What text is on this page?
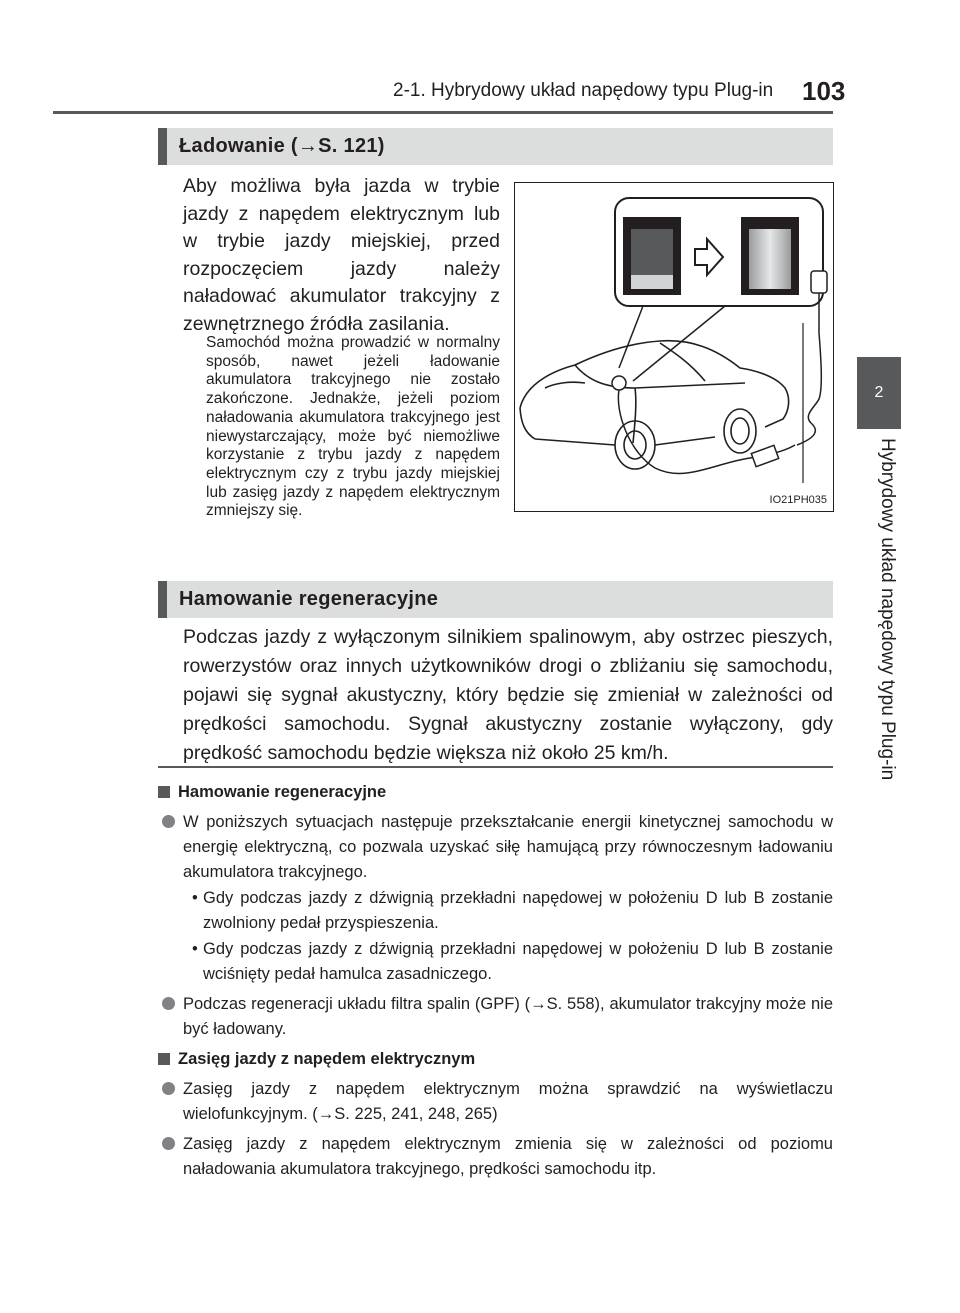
2-1. Hybrydowy układ napędowy typu Plug-in 103
2
Hybrydowy układ napędowy typu Plug-in
Ładowanie (→S. 121)
Aby możliwa była jazda w trybie jazdy z napędem elektrycznym lub w trybie jazdy miejskiej, przed rozpoczęciem jazdy należy naładować akumulator trakcyjny z zewnętrznego źródła zasilania.
Samochód można prowadzić w normalny sposób, nawet jeżeli ładowanie akumulatora trakcyjnego nie zostało zakończone. Jednakże, jeżeli poziom naładowania akumulatora trakcyjnego jest niewystarczający, może być niemożliwe korzystanie z trybu jazdy z napędem elektrycznym czy z trybu jazdy miejskiej lub zasięg jazdy z napędem elektrycznym zmniejszy się.
IO21PH035
Hamowanie regeneracyjne
Podczas jazdy z wyłączonym silnikiem spalinowym, aby ostrzec pieszych, rowerzystów oraz innych użytkowników drogi o zbliżaniu się samochodu, pojawi się sygnał akustyczny, który będzie się zmieniał w zależności od prędkości samochodu. Sygnał akustyczny zostanie wyłączony, gdy prędkość samochodu będzie większa niż około 25 km/h.
Hamowanie regeneracyjne
W poniższych sytuacjach następuje przekształcanie energii kinetycznej samochodu w energię elektryczną, co pozwala uzyskać siłę hamującą przy równoczesnym ładowaniu akumulatora trakcyjnego.
• Gdy podczas jazdy z dźwignią przekładni napędowej w położeniu D lub B zostanie zwolniony pedał przyspieszenia.
• Gdy podczas jazdy z dźwignią przekładni napędowej w położeniu D lub B zostanie wciśnięty pedał hamulca zasadniczego.
Podczas regeneracji układu filtra spalin (GPF) (→S. 558), akumulator trakcyjny może nie być ładowany.
Zasięg jazdy z napędem elektrycznym
Zasięg jazdy z napędem elektrycznym można sprawdzić na wyświetlaczu wielofunkcyjnym. (→S. 225, 241, 248, 265)
Zasięg jazdy z napędem elektrycznym zmienia się w zależności od poziomu naładowania akumulatora trakcyjnego, prędkości samochodu itp.
